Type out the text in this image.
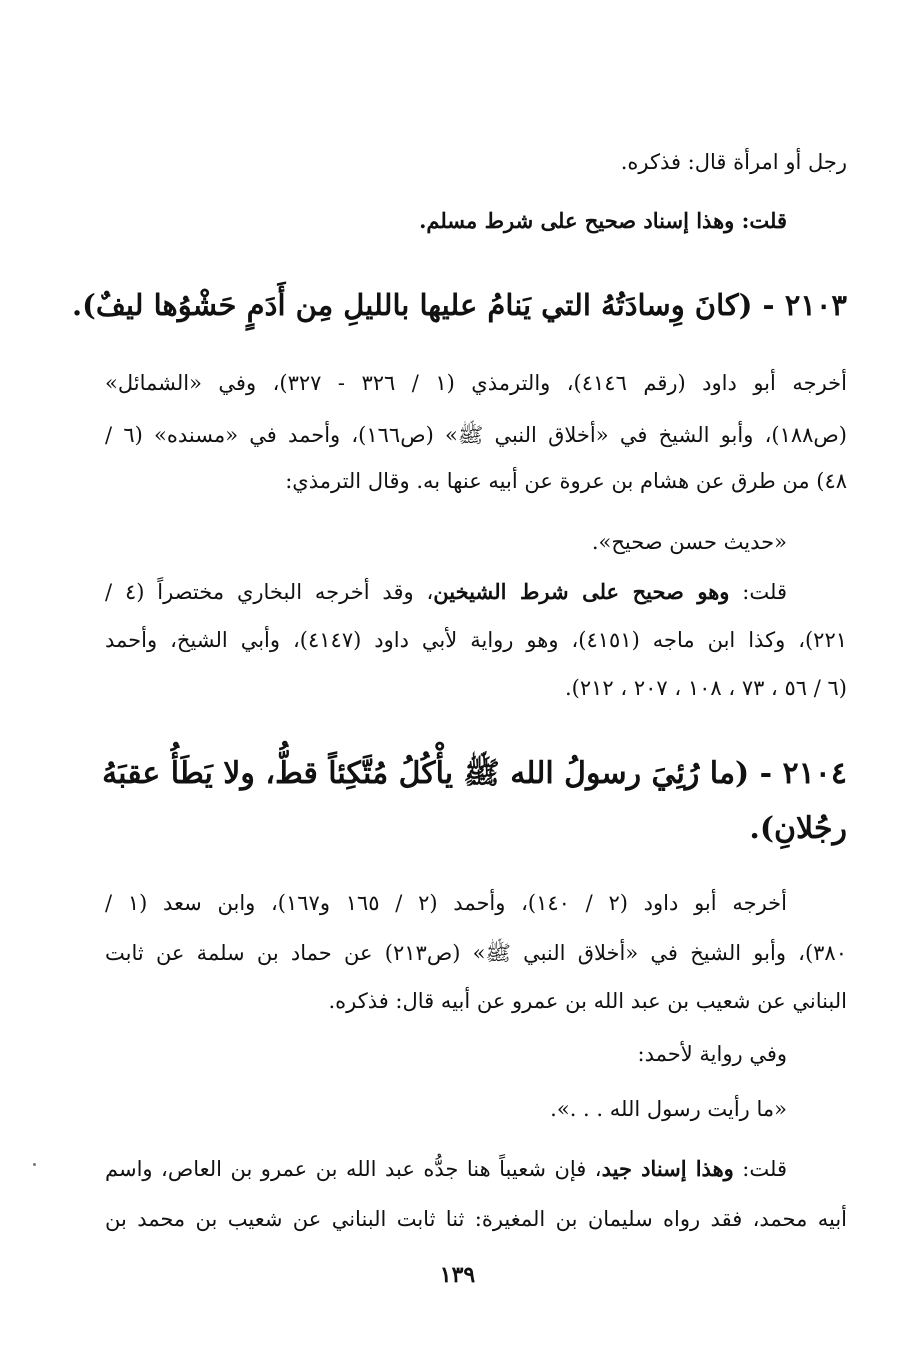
رجل أو امرأة قال: فذكره.
قلت: وهذا إسناد صحيح على شرط مسلم.
٢١٠٣ - (كانَ وِسادَتُهُ التي يَنامُ عليها بالليلِ مِن أَدَمٍ حَشْوُها ليفٌ).
أخرجه أبو داود (رقم ٤١٤٦)، والترمذي (١ / ٣٢٦ - ٣٢٧)، وفي «الشمائل»
(ص١٨٨)، وأبو الشيخ في «أخلاق النبي ﷺ» (ص١٦٦)، وأحمد في «مسنده» (٦ /
٤٨) من طرق عن هشام بن عروة عن أبيه عنها به. وقال الترمذي:
«حديث حسن صحيح».
قلت: وهو صحيح على شرط الشيخين، وقد أخرجه البخاري مختصراً (٤ /
٢٢١)، وكذا ابن ماجه (٤١٥١)، وهو رواية لأبي داود (٤١٤٧)، وأبي الشيخ، وأحمد
(٦ / ٥٦ ، ٧٣ ، ١٠٨ ، ٢٠٧ ، ٢١٢).
٢١٠٤ - (ما رُئِيَ رسولُ الله ﷺ يأْكُلُ مُتَّكِئاً قطُّ، ولا يَطَأُ عقبَهُ
رجُلانِ).
أخرجه أبو داود (٢ / ١٤٠)، وأحمد (٢ / ١٦٥ و١٦٧)، وابن سعد (١ /
٣٨٠)، وأبو الشيخ في «أخلاق النبي ﷺ» (ص٢١٣) عن حماد بن سلمة عن ثابت
البناني عن شعيب بن عبد الله بن عمرو عن أبيه قال: فذكره.
وفي رواية لأحمد:
«ما رأيت رسول الله . . .».
قلت: وهذا إسناد جيد، فإن شعيباً هنا جدُّه عبد الله بن عمرو بن العاص، واسم
أبيه محمد، فقد رواه سليمان بن المغيرة: ثنا ثابت البناني عن شعيب بن محمد بن
١٣٩
